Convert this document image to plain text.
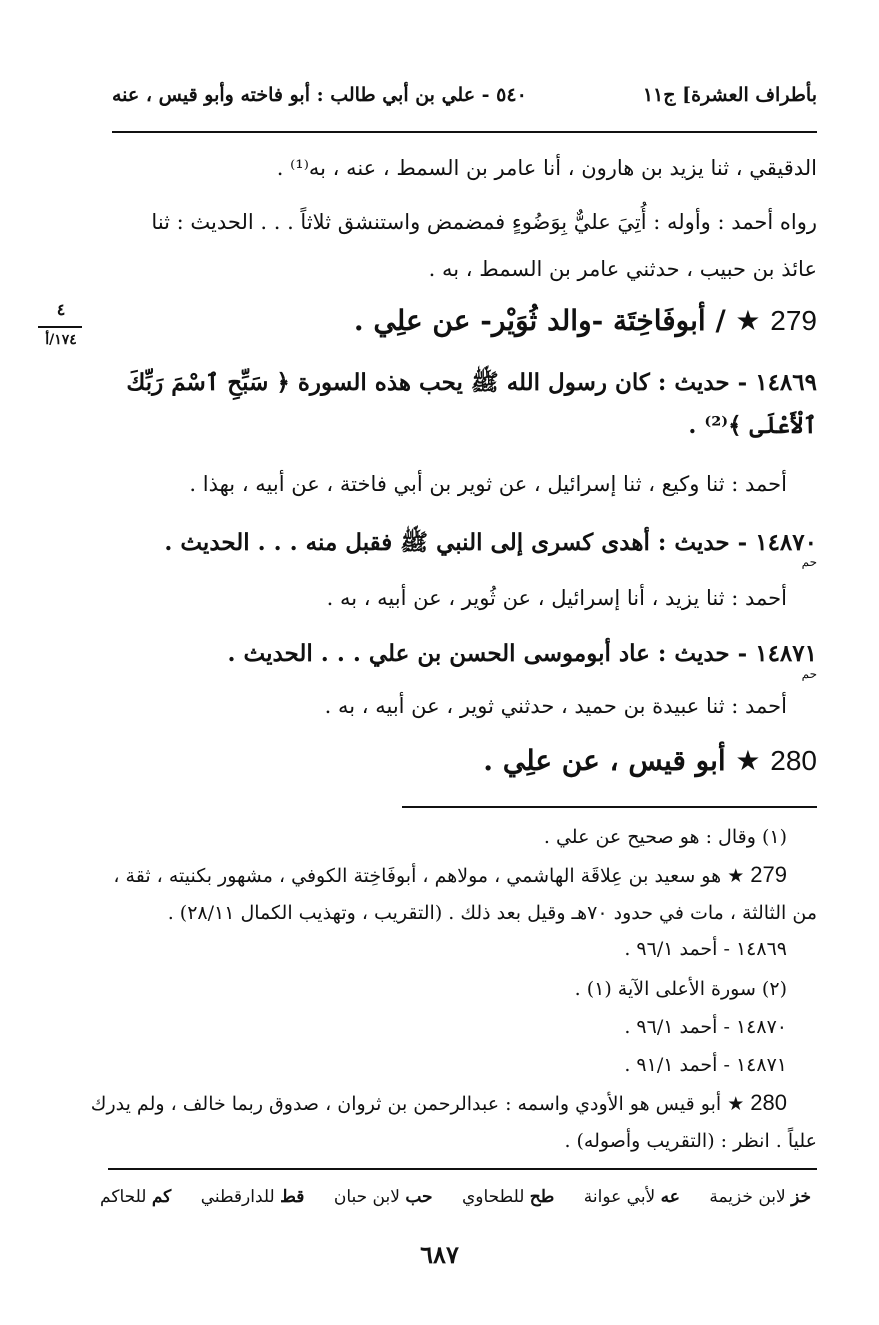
بأطراف العشرة] ج١١
٥٤٠ - علي بن أبي طالب : أبو فاخته وأبو قيس ، عنه
٤
١٧٤/أ
الدقيقي ، ثنا يزيد بن هارون ، أنا عامر بن السمط ، عنه ، به⁽¹⁾ .
رواه أحمد : وأوله : أُتِيَ عليٌّ بِوَضُوءٍ فمضمض واستنشق ثلاثاً . . . الحديث : ثنا
عائذ بن حبيب ، حدثني عامر بن السمط ، به .
279 ★ / أبوفَاخِتَة -والد ثُوَيْر- عن علِي .
١٤٨٦٩ - حديث : كان رسول الله ﷺ يحب هذه السورة ﴿ سَبِّحِ ٱسْمَ رَبِّكَ
ٱلْأَعْلَى ﴾⁽²⁾ .
أحمد : ثنا وكيع ، ثنا إسرائيل ، عن ثوير بن أبي فاختة ، عن أبيه ، بهذا .
١٤٨٧٠ - حديث : أهدى كسرى إلى النبي ﷺ فقبل منه . . . الحديث .
حم
أحمد : ثنا يزيد ، أنا إسرائيل ، عن ثُوير ، عن أبيه ، به .
١٤٨٧١ - حديث : عاد أبوموسى الحسن بن علي . . . الحديث .
حم
أحمد : ثنا عبيدة بن حميد ، حدثني ثوير ، عن أبيه ، به .
280 ★ أبو قيس ، عن علِي .
(١) وقال : هو صحيح عن علي .
279 ★ هو سعيد بن عِلاقَة الهاشمي ، مولاهم ، أبوفَاخِتة الكوفي ، مشهور بكنيته ، ثقة ،
من الثالثة ، مات في حدود ٧٠هـ وقيل بعد ذلك . (التقريب ، وتهذيب الكمال ٢٨/١١) .
١٤٨٦٩ - أحمد ٩٦/١ .
(٢) سورة الأعلى الآية (١) .
١٤٨٧٠ - أحمد ٩٦/١ .
١٤٨٧١ - أحمد ٩١/١ .
280 ★ أبو قيس هو الأودي واسمه : عبدالرحمن بن ثروان ، صدوق ربما خالف ، ولم يدرك
علياً . انظر : (التقريب وأصوله) .
خز لابن خزيمة
عه لأبي عوانة
طح للطحاوي
حب لابن حبان
قط للدارقطني
كم للحاكم
٦٨٧
